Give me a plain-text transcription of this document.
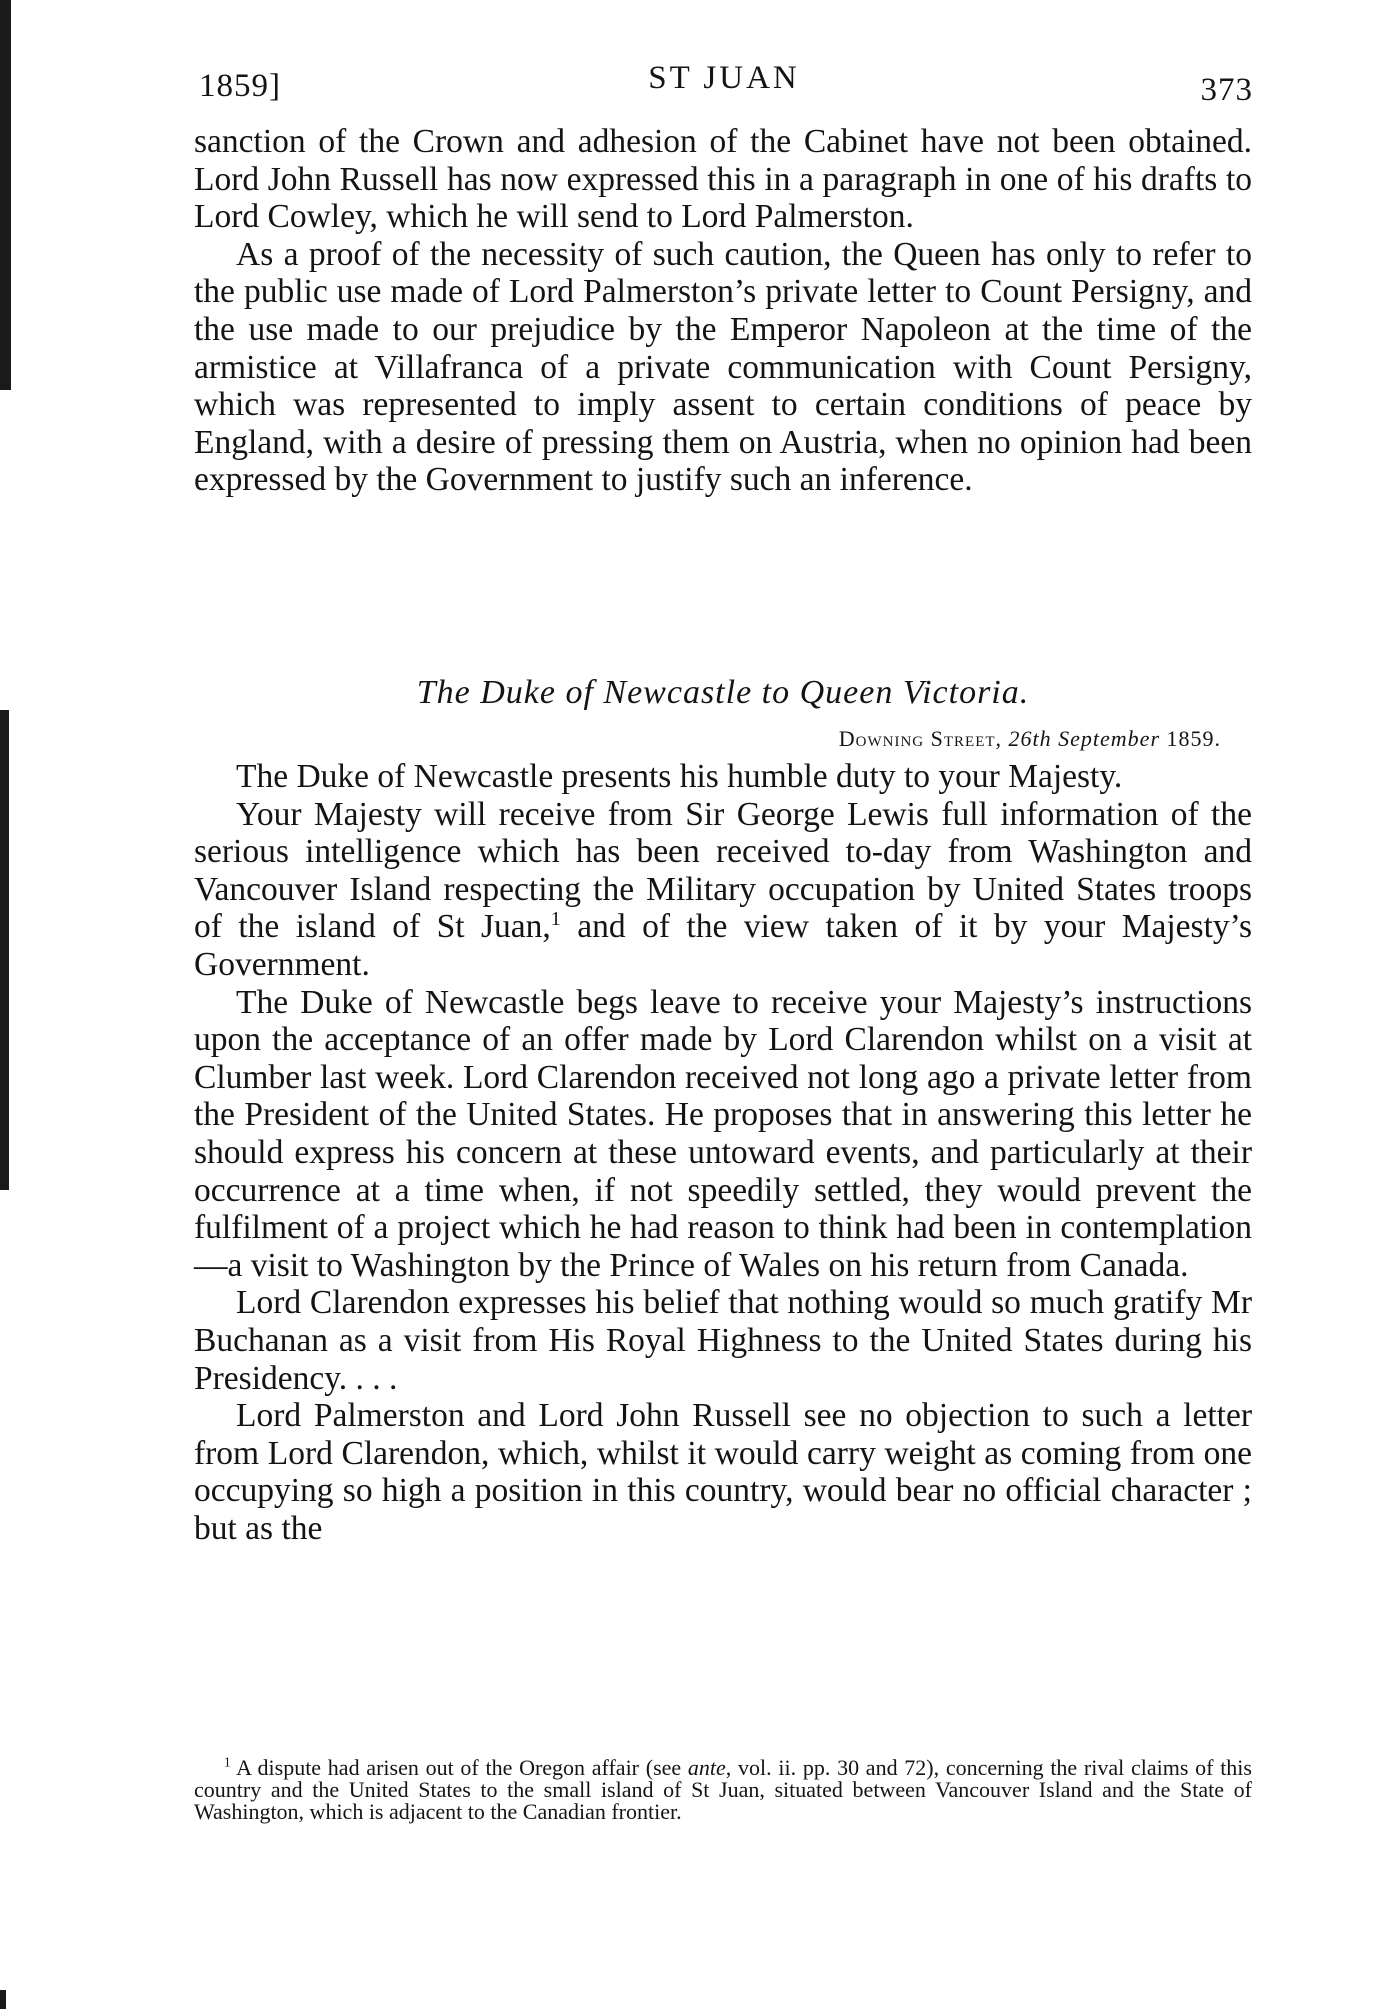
1859]	ST JUAN	373

sanction of the Crown and adhesion of the Cabinet have not been obtained. Lord John Russell has now expressed this in a paragraph in one of his drafts to Lord Cowley, which he will send to Lord Palmerston.

As a proof of the necessity of such caution, the Queen has only to refer to the public use made of Lord Palmerston’s private letter to Count Persigny, and the use made to our prejudice by the Emperor Napoleon at the time of the armistice at Villafranca of a private communication with Count Persigny, which was represented to imply assent to certain conditions of peace by England, with a desire of pressing them on Austria, when no opinion had been expressed by the Government to justify such an inference.

The Duke of Newcastle to Queen Victoria.
Downing Street, 26th September 1859.

The Duke of Newcastle presents his humble duty to your Majesty.

Your Majesty will receive from Sir George Lewis full information of the serious intelligence which has been received to-day from Washington and Vancouver Island respecting the Military occupation by United States troops of the island of St Juan,$^1$ and of the view taken of it by your Majesty’s Government.

The Duke of Newcastle begs leave to receive your Majesty’s instructions upon the acceptance of an offer made by Lord Clarendon whilst on a visit at Clumber last week. Lord Clarendon received not long ago a private letter from the President of the United States. He proposes that in answering this letter he should express his concern at these untoward events, and particularly at their occurrence at a time when, if not speedily settled, they would prevent the fulfilment of a project which he had reason to think had been in contemplation—a visit to Washington by the Prince of Wales on his return from Canada.

Lord Clarendon expresses his belief that nothing would so much gratify Mr Buchanan as a visit from His Royal Highness to the United States during his Presidency. . . .

Lord Palmerston and Lord John Russell see no objection to such a letter from Lord Clarendon, which, whilst it would carry weight as coming from one occupying so high a position in this country, would bear no official character ; but as the

$^1$ A dispute had arisen out of the Oregon affair (see ante, vol. ii. pp. 30 and 72), concerning the rival claims of this country and the United States to the small island of St Juan, situated between Vancouver Island and the State of Washington, which is adjacent to the Canadian frontier.
